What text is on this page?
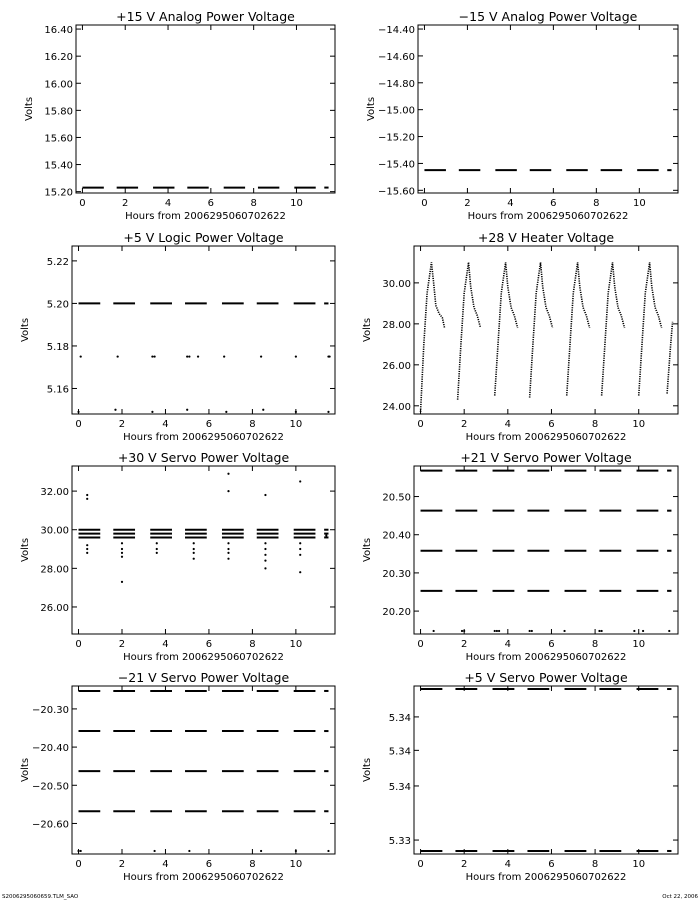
+15 V Analog Power Voltage
0	2	4	6	8	10
15.20
15.40
15.60
15.80
16.00
16.20
16.40
Hours from 2006295060702622
Volts
−15 V Analog Power Voltage
0	2	4	6	8	10
−15.60
−15.40
−15.20
−15.00
−14.80
−14.60
−14.40
Hours from 2006295060702622
Volts
+5 V Logic Power Voltage
0	2	4	6	8	10
5.16
5.18
5.20
5.22
Hours from 2006295060702622
Volts
+28 V Heater Voltage
0	2	4	6	8	10
24.00
26.00
28.00
30.00
Hours from 2006295060702622
Volts
+30 V Servo Power Voltage
0	2	4	6	8	10
26.00
28.00
30.00
32.00
Hours from 2006295060702622
Volts
+21 V Servo Power Voltage
0	2	4	6	8	10
20.20
20.30
20.40
20.50
Hours from 2006295060702622
Volts
−21 V Servo Power Voltage
0	2	4	6	8	10
−20.60
−20.50
−20.40
−20.30
Hours from 2006295060702622
Volts
+5 V Servo Power Voltage
0	2	4	6	8	10
5.33
5.34
5.34
5.34
Hours from 2006295060702622
Volts
S2006295060659.TLM_SAO	Oct 22, 2006
